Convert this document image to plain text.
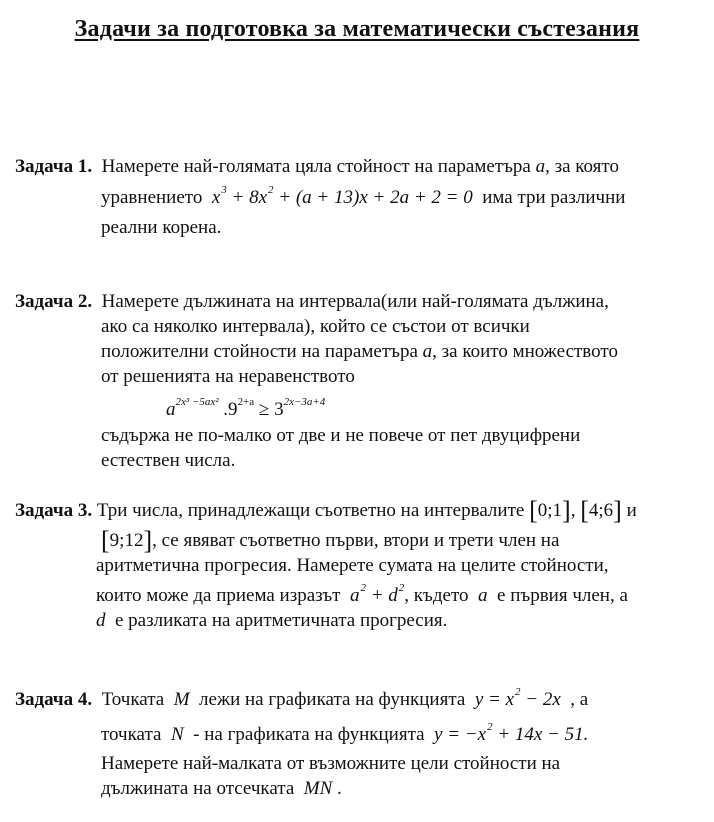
Задачи за подготовка за математически състезания
Задача 1. Намерете най-голямата цяла стойност на параметъра a, за която
уравнението $x^3 + 8x^2 + (a + 13)x + 2a + 2 = 0$ има три различни
реални корена.
Задача 2. Намерете дължината на интервала(или най-голямата дължина,
ако са няколко интервала), който се състои от всички
положителни стойности на параметъра a, за които множеството
от решенията на неравенството
$a^{2x^3 -5ax^2}$ $.9^{2+a} \ge 3^{2x-3a+4}$
съдържа не по-малко от две и не повече от пет двуцифрени
естествен числа.
Задача 3. Три числа, принадлежащи съответно на интервалите [0;1], [4;6] и
[9;12], се явяват съответно първи, втори и трети член на
аритметична прогресия. Намерете сумата на целите стойности,
които може да приема изразът $a^2 + d^2$, където a е първия член, а
d е разликата на аритметичната прогресия.
Задача 4. Точката M лежи на графиката на функцията $y = x^2 - 2x$ , а
точката N - на графиката на функцията $y = -x^2 + 14x - 51$.
Намерете най-малката от възможните цели стойности на
дължината на отсечката MN .
